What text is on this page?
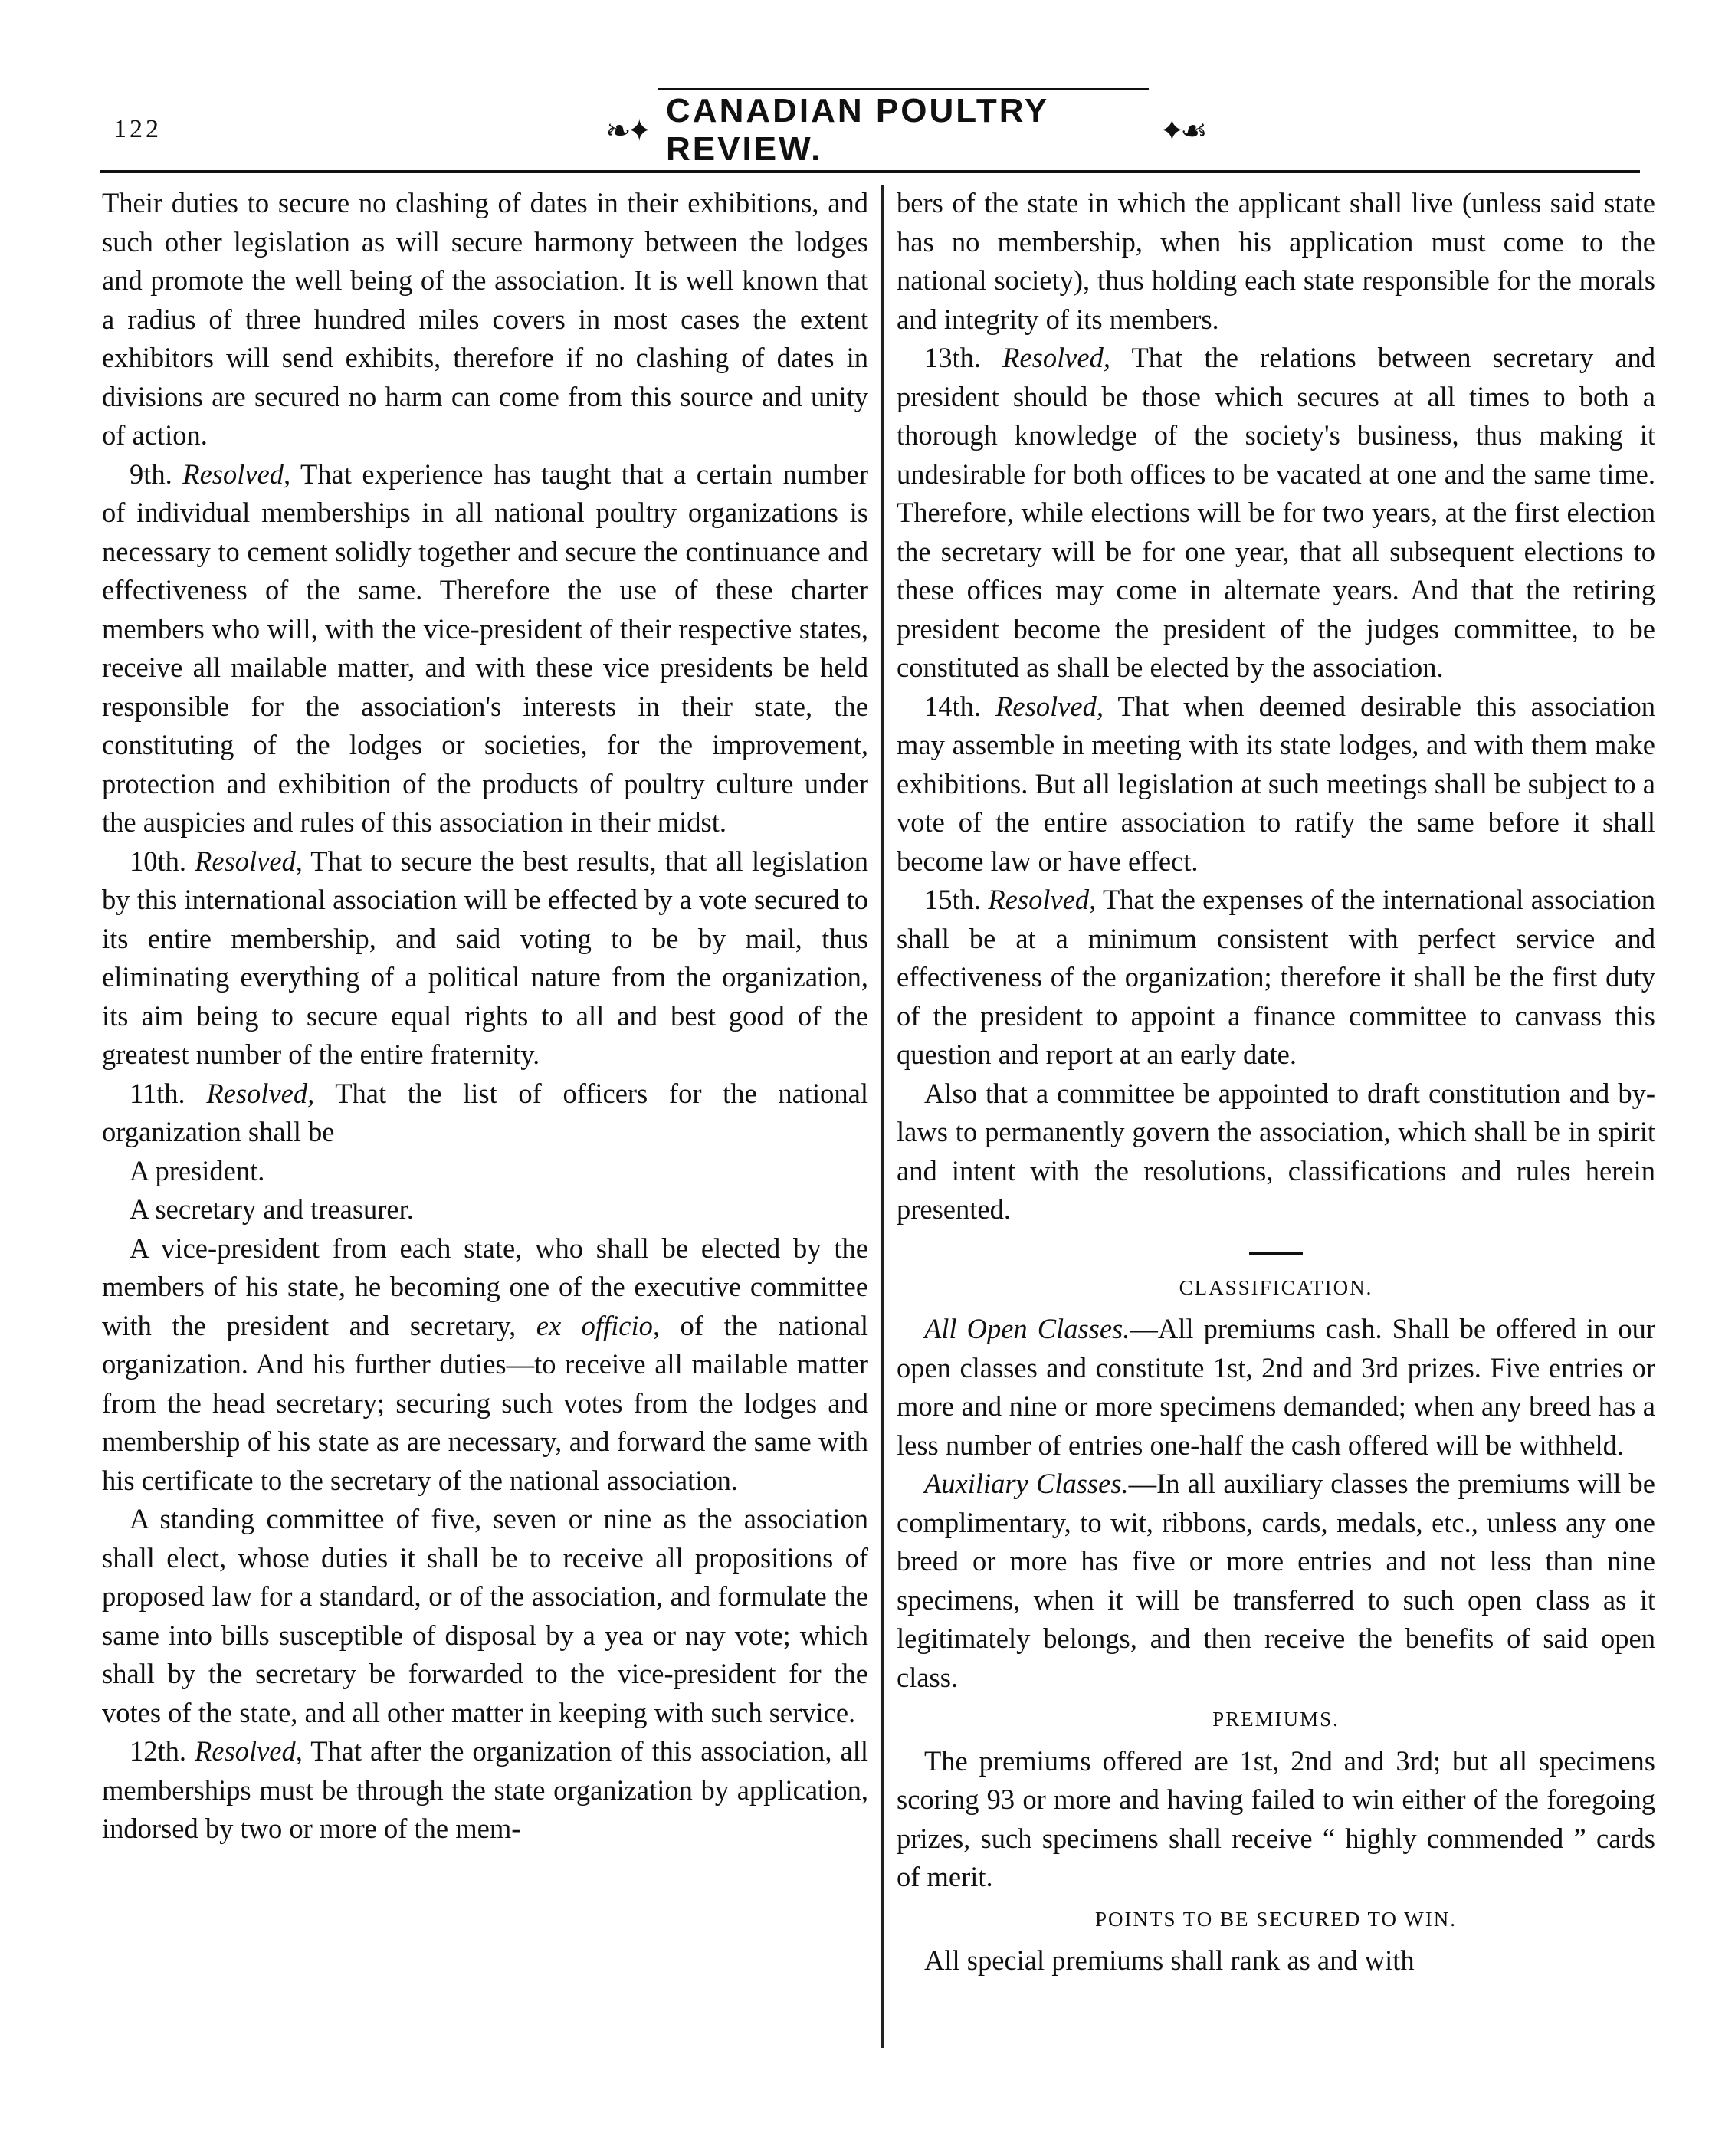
122	❧✦
CANADIAN POULTRY REVIEW.	✦☙

Their duties to secure no clashing of dates in their exhibitions, and such other legislation as will secure harmony between the lodges and promote the well being of the association. It is well known that a radius of three hundred miles covers in most cases the extent exhibitors will send exhibits, therefore if no clashing of dates in divisions are secured no harm can come from this source and unity of action.

9th. Resolved, That experience has taught that a certain number of individual memberships in all national poultry organizations is necessary to cement solidly together and secure the continuance and effectiveness of the same. Therefore the use of these charter members who will, with the vice-president of their respective states, receive all mailable matter, and with these vice presidents be held responsible for the association's interests in their state, the constituting of the lodges or societies, for the improvement, protection and exhibition of the products of poultry culture under the auspicies and rules of this association in their midst.

10th. Resolved, That to secure the best results, that all legislation by this international association will be effected by a vote secured to its entire membership, and said voting to be by mail, thus eliminating everything of a political nature from the organization, its aim being to secure equal rights to all and best good of the greatest number of the entire fraternity.

11th. Resolved, That the list of officers for the national organization shall be

A president.

A secretary and treasurer.

A vice-president from each state, who shall be elected by the members of his state, he becoming one of the executive committee with the president and secretary, ex officio, of the national organization. And his further duties—to receive all mailable matter from the head secretary; securing such votes from the lodges and membership of his state as are necessary, and forward the same with his certificate to the secretary of the national association.

A standing committee of five, seven or nine as the association shall elect, whose duties it shall be to receive all propositions of proposed law for a standard, or of the association, and formulate the same into bills susceptible of disposal by a yea or nay vote; which shall by the secretary be forwarded to the vice-president for the votes of the state, and all other matter in keeping with such service.

12th. Resolved, That after the organization of this association, all memberships must be through the state organization by application, indorsed by two or more of the mem-

bers of the state in which the applicant shall live (unless said state has no membership, when his application must come to the national society), thus holding each state responsible for the morals and integrity of its members.

13th. Resolved, That the relations between secretary and president should be those which secures at all times to both a thorough knowledge of the society's business, thus making it undesirable for both offices to be vacated at one and the same time. Therefore, while elections will be for two years, at the first election the secretary will be for one year, that all subsequent elections to these offices may come in alternate years. And that the retiring president become the president of the judges committee, to be constituted as shall be elected by the association.

14th. Resolved, That when deemed desirable this association may assemble in meeting with its state lodges, and with them make exhibitions. But all legislation at such meetings shall be subject to a vote of the entire association to ratify the same before it shall become law or have effect.

15th. Resolved, That the expenses of the international association shall be at a minimum consistent with perfect service and effectiveness of the organization; therefore it shall be the first duty of the president to appoint a finance committee to canvass this question and report at an early date.

Also that a committee be appointed to draft constitution and by-laws to permanently govern the association, which shall be in spirit and intent with the resolutions, classifications and rules herein presented.

CLASSIFICATION.

All Open Classes.—All premiums cash. Shall be offered in our open classes and constitute 1st, 2nd and 3rd prizes. Five entries or more and nine or more specimens demanded; when any breed has a less number of entries one-half the cash offered will be withheld.

Auxiliary Classes.—In all auxiliary classes the premiums will be complimentary, to wit, ribbons, cards, medals, etc., unless any one breed or more has five or more entries and not less than nine specimens, when it will be transferred to such open class as it legitimately belongs, and then receive the benefits of said open class.

PREMIUMS.

The premiums offered are 1st, 2nd and 3rd; but all specimens scoring 93 or more and having failed to win either of the foregoing prizes, such specimens shall receive “ highly commended ” cards of merit.

POINTS TO BE SECURED TO WIN.

All special premiums shall rank as and with
